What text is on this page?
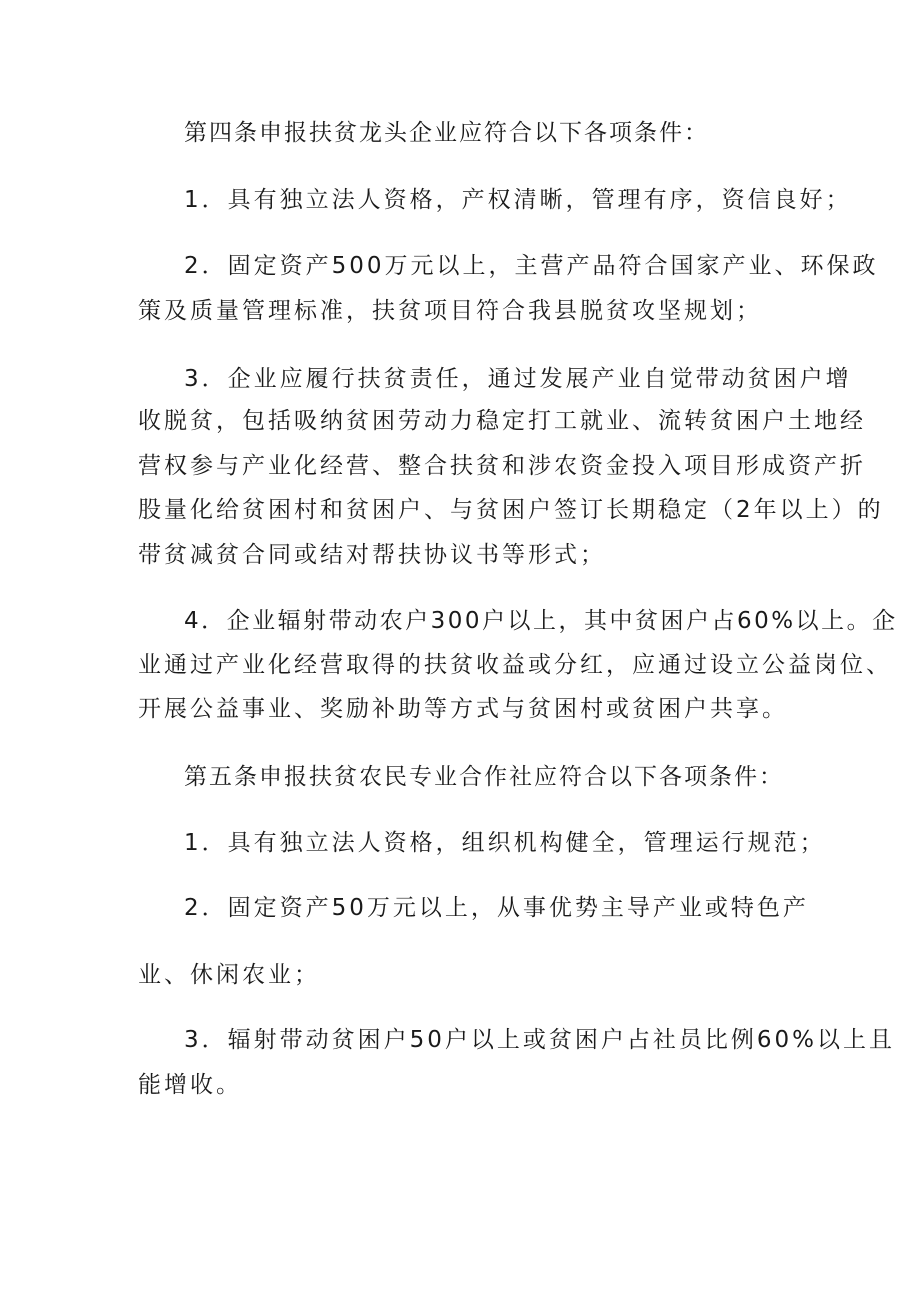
第四条申报扶贫龙头企业应符合以下各项条件：

1．具有独立法人资格，产权清晰，管理有序，资信良好；

2．固定资产500万元以上，主营产品符合国家产业、环保政

策及质量管理标准，扶贫项目符合我县脱贫攻坚规划；

3．企业应履行扶贫责任，通过发展产业自觉带动贫困户增

收脱贫，包括吸纳贫困劳动力稳定打工就业、流转贫困户土地经

营权参与产业化经营、整合扶贫和涉农资金投入项目形成资产折

股量化给贫困村和贫困户、与贫困户签订长期稳定（2年以上）的

带贫减贫合同或结对帮扶协议书等形式；

4．企业辐射带动农户300户以上，其中贫困户占60%以上。企

业通过产业化经营取得的扶贫收益或分红，应通过设立公益岗位、

开展公益事业、奖励补助等方式与贫困村或贫困户共享。

第五条申报扶贫农民专业合作社应符合以下各项条件：

1．具有独立法人资格，组织机构健全，管理运行规范；

2．固定资产50万元以上，从事优势主导产业或特色产

业、休闲农业；

3．辐射带动贫困户50户以上或贫困户占社员比例60%以上且

能增收。
